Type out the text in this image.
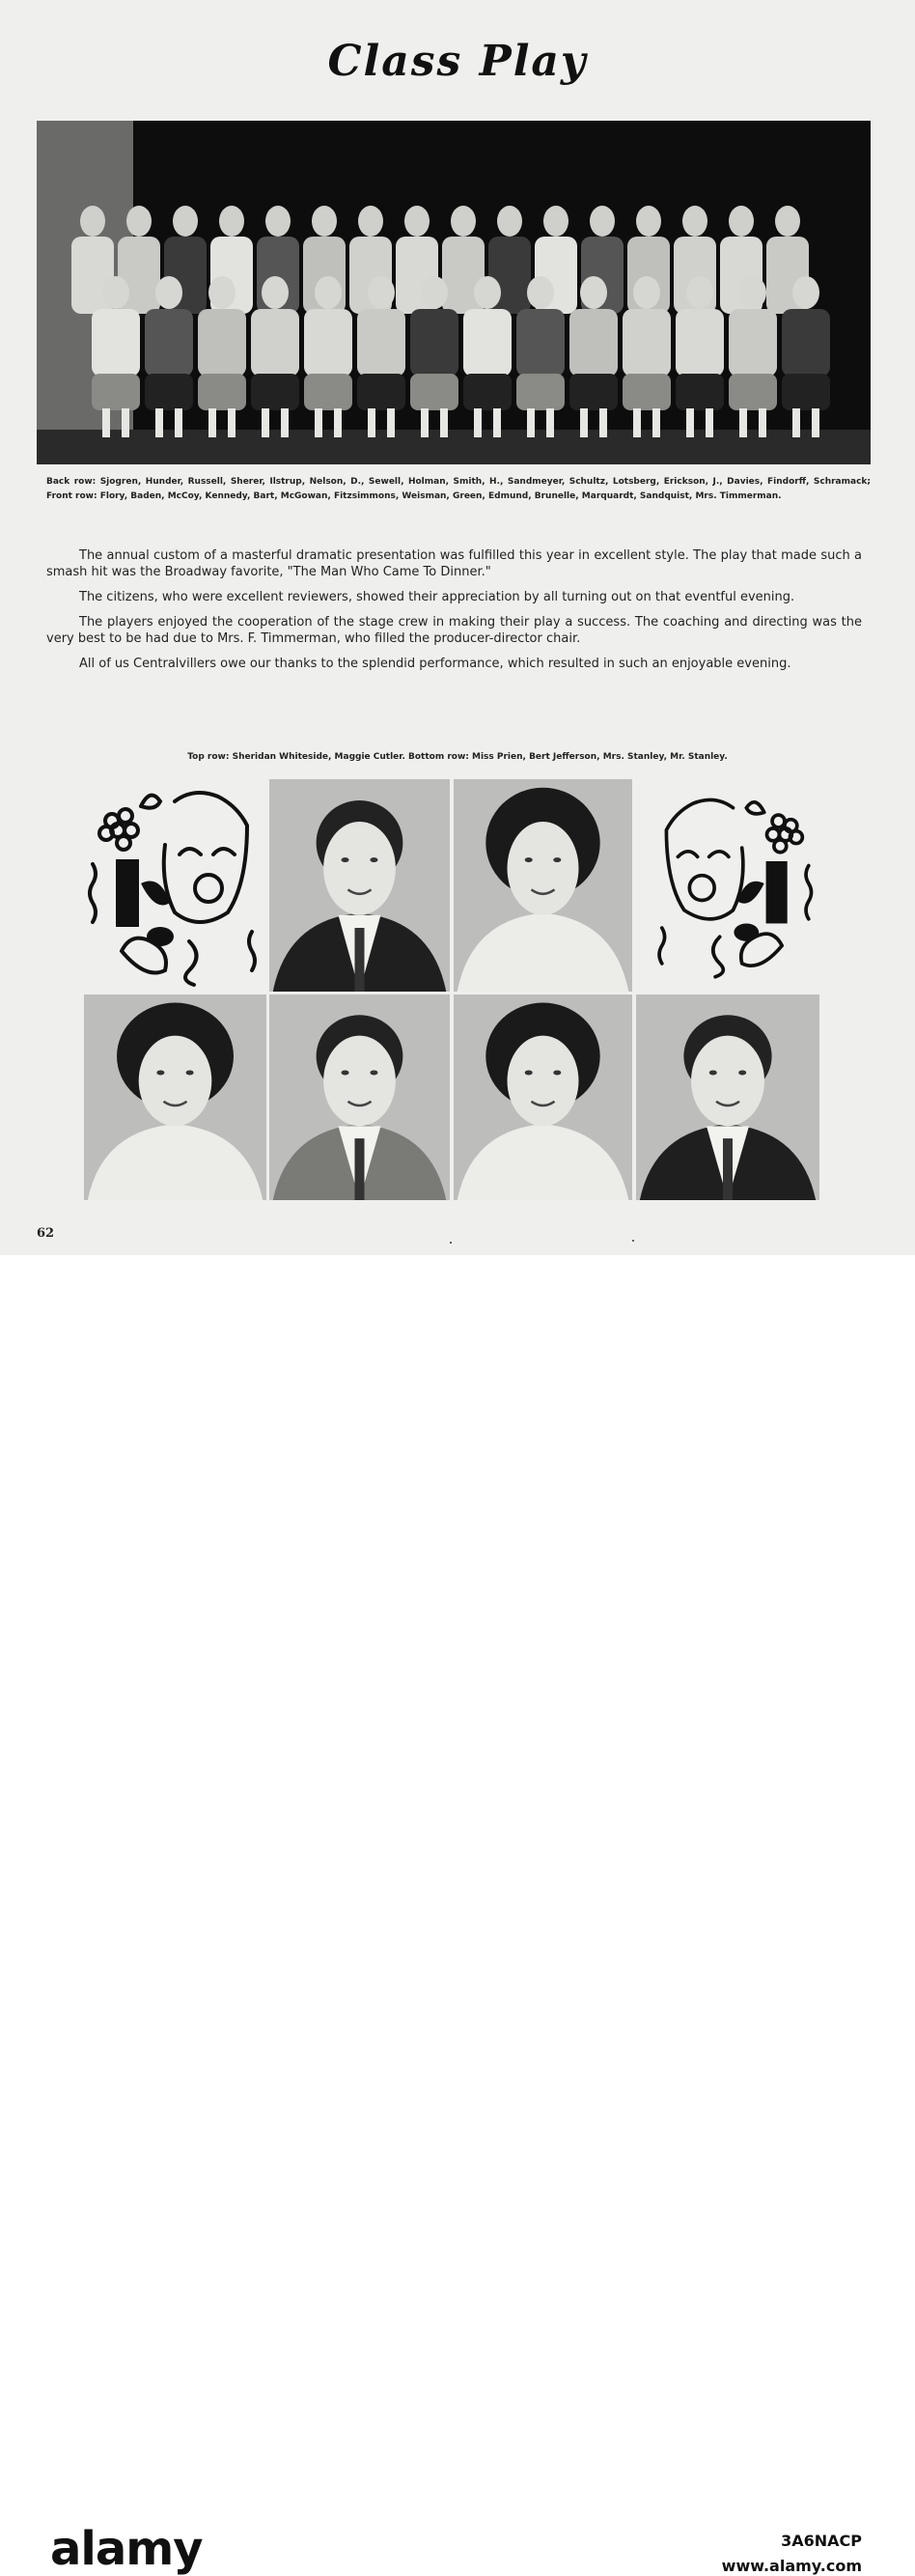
Class Play
Back row: Sjogren, Hunder, Russell, Sherer, Ilstrup, Nelson, D., Sewell, Holman, Smith, H., Sandmeyer, Schultz, Lotsberg, Erickson, J., Davies, Findorff, Schramack; Front row: Flory, Baden, McCoy, Kennedy, Bart, McGowan, Fitzsimmons, Weisman, Green, Edmund, Brunelle, Marquardt, Sandquist, Mrs. Timmerman.

The annual custom of a masterful dramatic presentation was fulfilled this year in excellent style. The play that made such a smash hit was the Broadway favorite, "The Man Who Came To Dinner."

The citizens, who were excellent reviewers, showed their appreciation by all turning out on that eventful evening.

The players enjoyed the cooperation of the stage crew in making their play a success. The coaching and directing was the very best to be had due to Mrs. F. Timmerman, who filled the producer-director chair.

All of us Centralvillers owe our thanks to the splendid performance, which resulted in such an enjoyable evening.

Top row: Sheridan Whiteside, Maggie Cutler. Bottom row: Miss Prien, Bert Jefferson, Mrs. Stanley, Mr. Stanley.
62
alamy	3A6NACP
www.alamy.com
